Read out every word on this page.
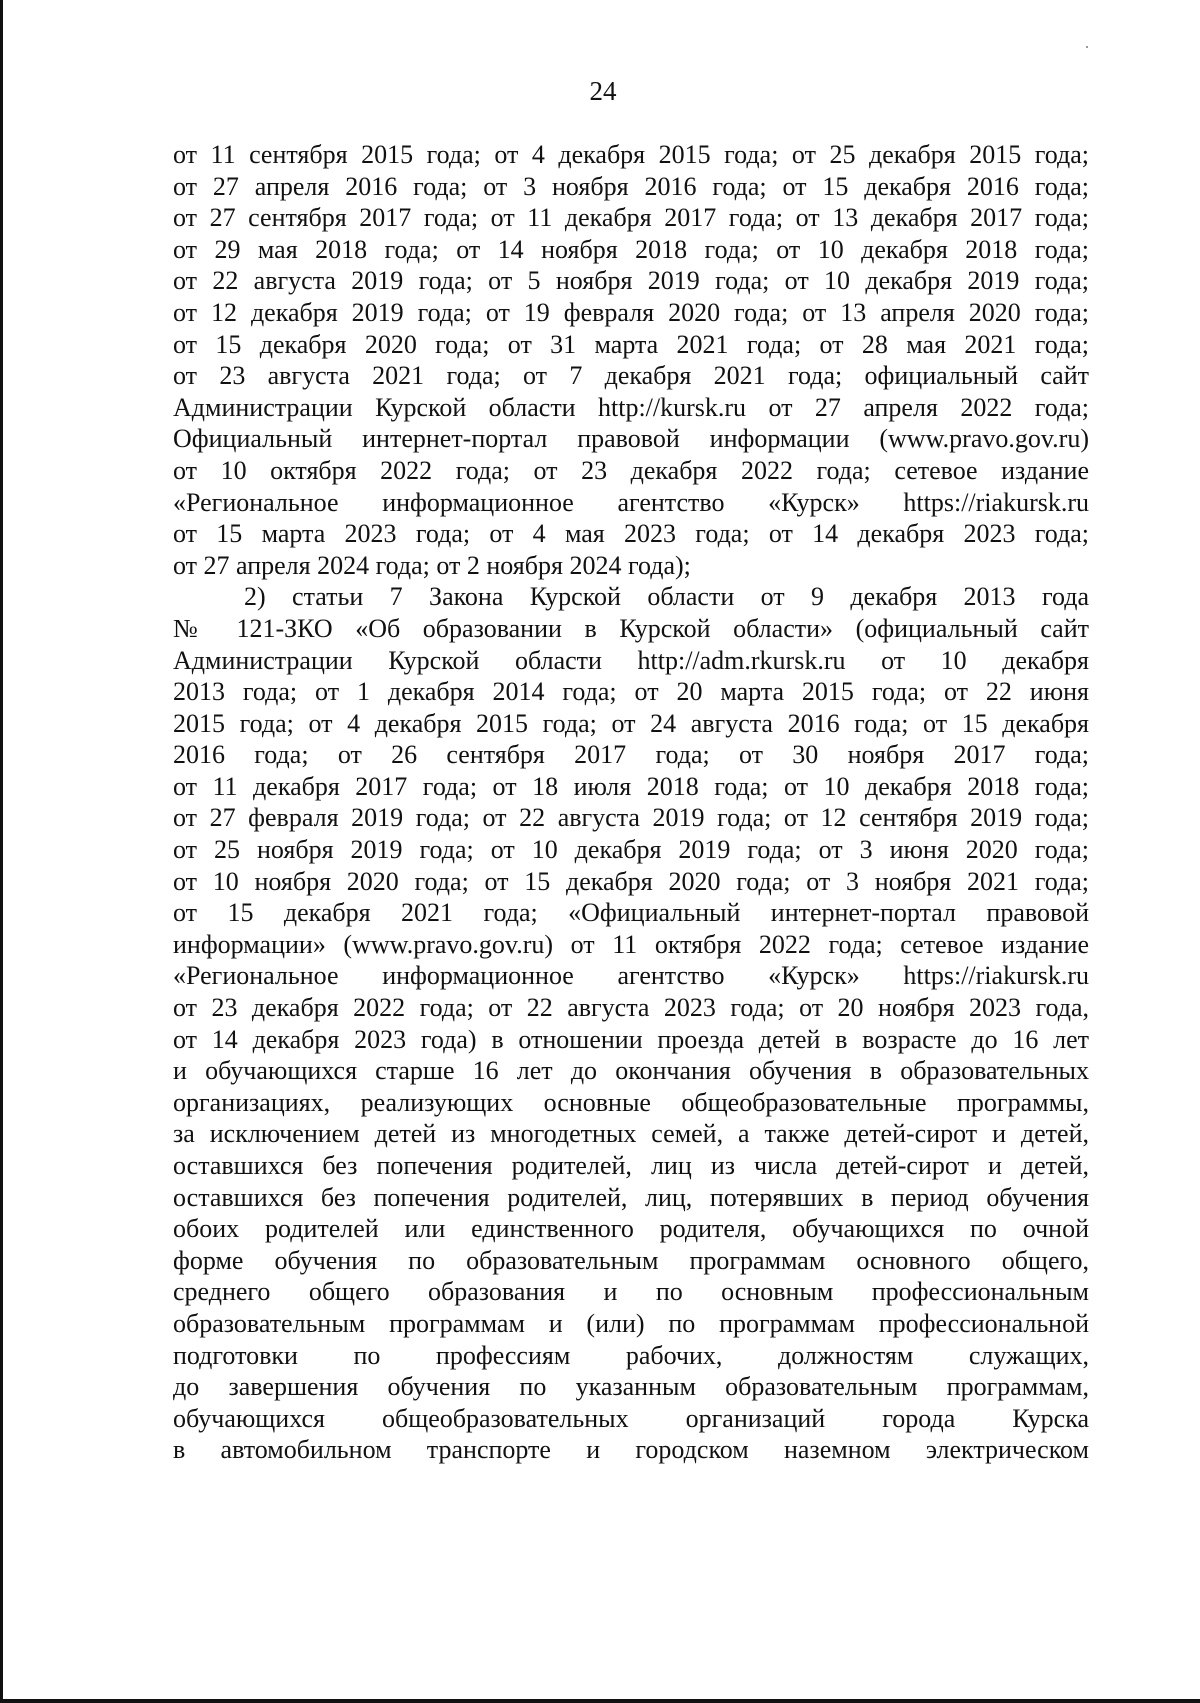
24
от 11 сентября 2015 года; от 4 декабря 2015 года; от 25 декабря 2015 года;
от 27 апреля 2016 года; от 3 ноября 2016 года; от 15 декабря 2016 года;
от 27 сентября 2017 года; от 11 декабря 2017 года; от 13 декабря 2017 года;
от 29 мая 2018 года; от 14 ноября 2018 года; от 10 декабря 2018 года;
от 22 августа 2019 года; от 5 ноября 2019 года; от 10 декабря 2019 года;
от 12 декабря 2019 года; от 19 февраля 2020 года; от 13 апреля 2020 года;
от 15 декабря 2020 года; от 31 марта 2021 года; от 28 мая 2021 года;
от 23 августа 2021 года; от 7 декабря 2021 года; официальный сайт
Администрации Курской области http://kursk.ru от 27 апреля 2022 года;
Официальный интернет-портал правовой информации (www.pravo.gov.ru)
от 10 октября 2022 года; от 23 декабря 2022 года; сетевое издание
«Региональное информационное агентство «Курск» https://riakursk.ru
от 15 марта 2023 года; от 4 мая 2023 года; от 14 декабря 2023 года;
от 27 апреля 2024 года; от 2 ноября 2024 года);
2) статьи 7 Закона Курской области от 9 декабря 2013 года
№ 121-ЗКО «Об образовании в Курской области» (официальный сайт
Администрации Курской области http://adm.rkursk.ru от 10 декабря
2013 года; от 1 декабря 2014 года; от 20 марта 2015 года; от 22 июня
2015 года; от 4 декабря 2015 года; от 24 августа 2016 года; от 15 декабря
2016 года; от 26 сентября 2017 года; от 30 ноября 2017 года;
от 11 декабря 2017 года; от 18 июля 2018 года; от 10 декабря 2018 года;
от 27 февраля 2019 года; от 22 августа 2019 года; от 12 сентября 2019 года;
от 25 ноября 2019 года; от 10 декабря 2019 года; от 3 июня 2020 года;
от 10 ноября 2020 года; от 15 декабря 2020 года; от 3 ноября 2021 года;
от 15 декабря 2021 года; «Официальный интернет-портал правовой
информации» (www.pravo.gov.ru) от 11 октября 2022 года; сетевое издание
«Региональное информационное агентство «Курск» https://riakursk.ru
от 23 декабря 2022 года; от 22 августа 2023 года; от 20 ноября 2023 года,
от 14 декабря 2023 года) в отношении проезда детей в возрасте до 16 лет
и обучающихся старше 16 лет до окончания обучения в образовательных
организациях, реализующих основные общеобразовательные программы,
за исключением детей из многодетных семей, а также детей-сирот и детей,
оставшихся без попечения родителей, лиц из числа детей-сирот и детей,
оставшихся без попечения родителей, лиц, потерявших в период обучения
обоих родителей или единственного родителя, обучающихся по очной
форме обучения по образовательным программам основного общего,
среднего общего образования и по основным профессиональным
образовательным программам и (или) по программам профессиональной
подготовки по профессиям рабочих, должностям служащих,
до завершения обучения по указанным образовательным программам,
обучающихся общеобразовательных организаций города Курска
в автомобильном транспорте и городском наземном электрическом
